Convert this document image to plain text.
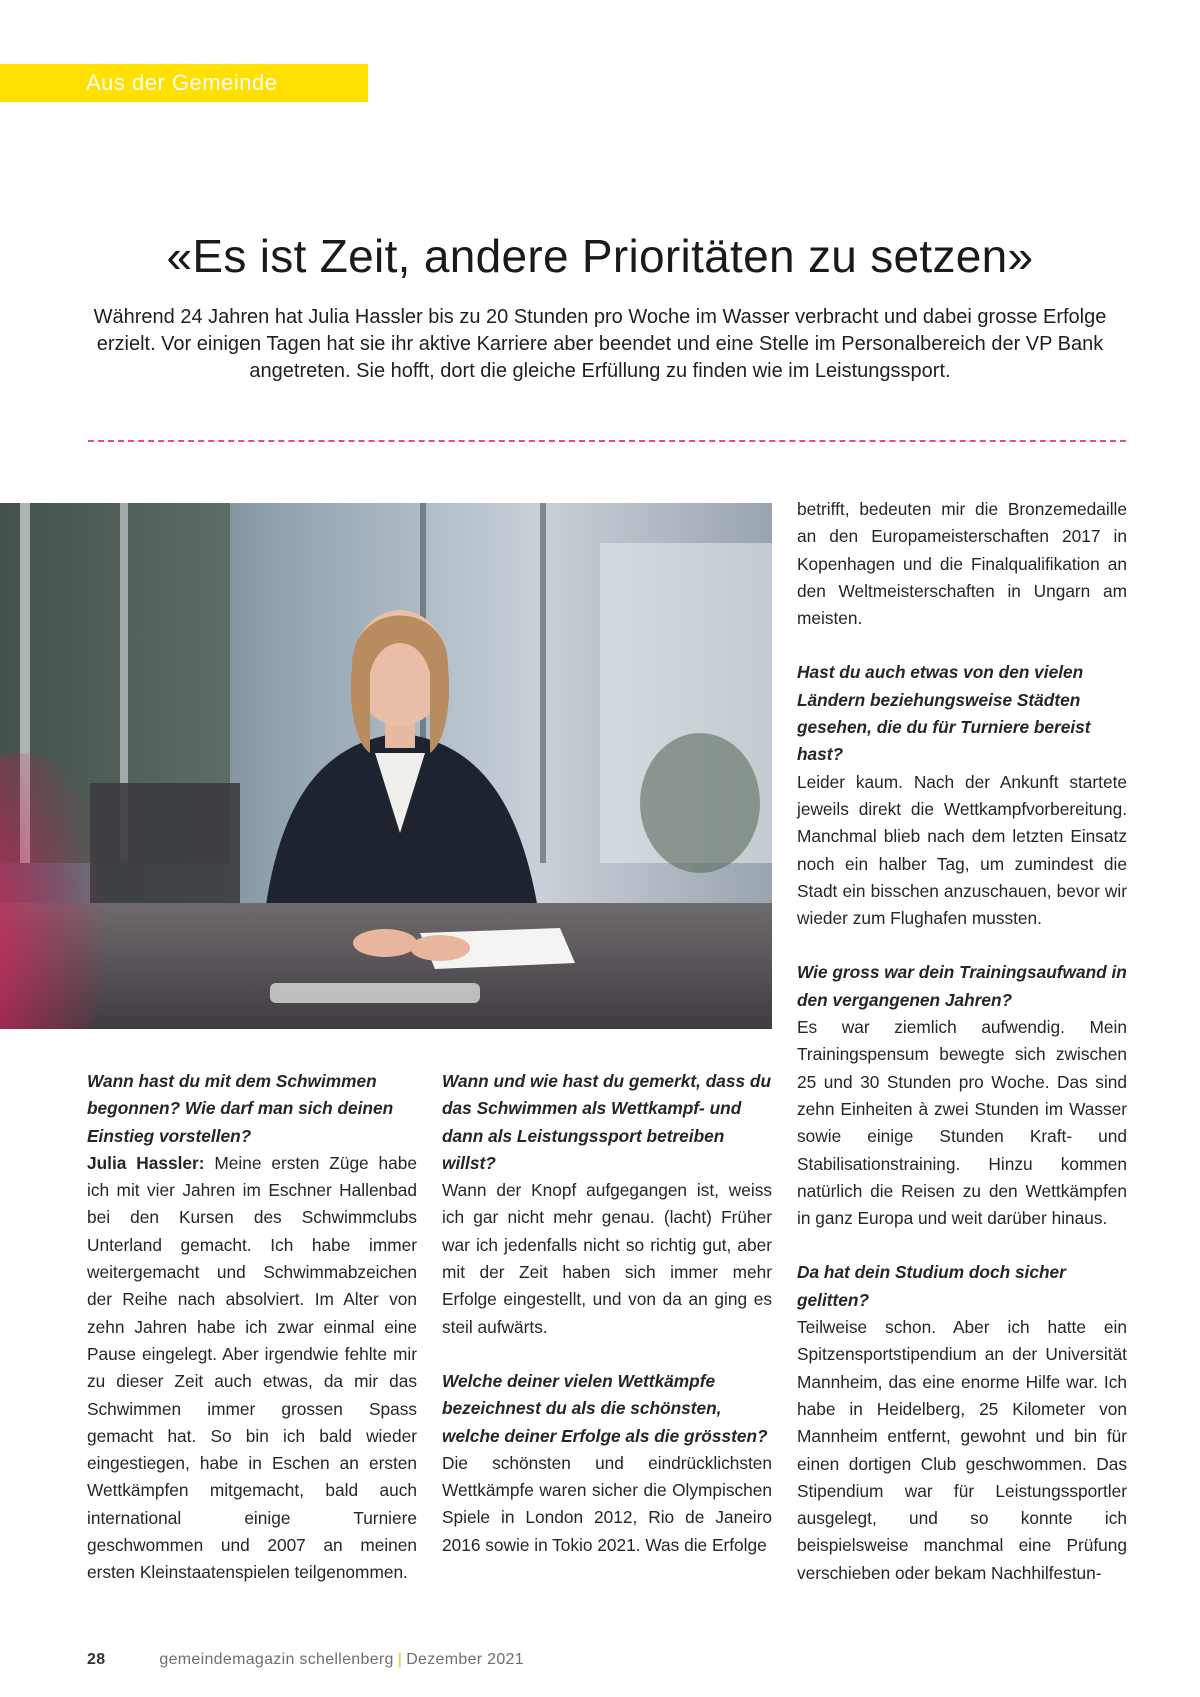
Aus der Gemeinde
«Es ist Zeit, andere Prioritäten zu setzen»

Während 24 Jahren hat Julia Hassler bis zu 20 Stunden pro Woche im Wasser verbracht und dabei grosse Erfolge erzielt. Vor einigen Tagen hat sie ihr aktive Karriere aber beendet und eine Stelle im Personalbereich der VP Bank angetreten. Sie hofft, dort die gleiche Erfüllung zu finden wie im Leistungssport.

Wann hast du mit dem Schwimmen begonnen? Wie darf man sich deinen Einstieg vorstellen?

Julia Hassler: Meine ersten Züge habe ich mit vier Jahren im Eschner Hallenbad bei den Kursen des Schwimmclubs Unterland gemacht. Ich habe immer weitergemacht und Schwimmabzeichen der Reihe nach absolviert. Im Alter von zehn Jahren habe ich zwar einmal eine Pause eingelegt. Aber irgendwie fehlte mir zu dieser Zeit auch etwas, da mir das Schwimmen immer grossen Spass gemacht hat. So bin ich bald wieder eingestiegen, habe in Eschen an ersten Wettkämpfen mitgemacht, bald auch international einige Turniere geschwommen und 2007 an meinen ersten Kleinstaatenspielen teilgenommen.

Wann und wie hast du gemerkt, dass du das Schwimmen als Wettkampf- und dann als Leistungssport betreiben willst?

Wann der Knopf aufgegangen ist, weiss ich gar nicht mehr genau. (lacht) Früher war ich jedenfalls nicht so richtig gut, aber mit der Zeit haben sich immer mehr Erfolge eingestellt, und von da an ging es steil aufwärts.

Welche deiner vielen Wettkämpfe bezeichnest du als die schönsten, welche deiner Erfolge als die grössten?

Die schönsten und eindrücklichsten Wettkämpfe waren sicher die Olympischen Spiele in London 2012, Rio de Janeiro 2016 sowie in Tokio 2021. Was die Erfolge

betrifft, bedeuten mir die Bronzemedaille an den Europameisterschaften 2017 in Kopenhagen und die Finalqualifikation an den Weltmeisterschaften in Ungarn am meisten.

Hast du auch etwas von den vielen Ländern beziehungsweise Städten gesehen, die du für Turniere bereist hast?

Leider kaum. Nach der Ankunft startete jeweils direkt die Wettkampfvorbereitung. Manchmal blieb nach dem letzten Einsatz noch ein halber Tag, um zumindest die Stadt ein bisschen anzuschauen, bevor wir wieder zum Flughafen mussten.

Wie gross war dein Trainingsaufwand in den vergangenen Jahren?

Es war ziemlich aufwendig. Mein Trainingspensum bewegte sich zwischen 25 und 30 Stunden pro Woche. Das sind zehn Einheiten à zwei Stunden im Wasser sowie einige Stunden Kraft- und Stabilisationstraining. Hinzu kommen natürlich die Reisen zu den Wettkämpfen in ganz Europa und weit darüber hinaus.

Da hat dein Studium doch sicher gelitten?

Teilweise schon. Aber ich hatte ein Spitzensportstipendium an der Universität Mannheim, das eine enorme Hilfe war. Ich habe in Heidelberg, 25 Kilometer von Mannheim entfernt, gewohnt und bin für einen dortigen Club geschwommen. Das Stipendium war für Leistungssportler ausgelegt, und so konnte ich beispielsweise manchmal eine Prüfung verschieben oder bekam Nachhilfestun-

28	gemeindemagazin schellenberg | Dezember 2021
